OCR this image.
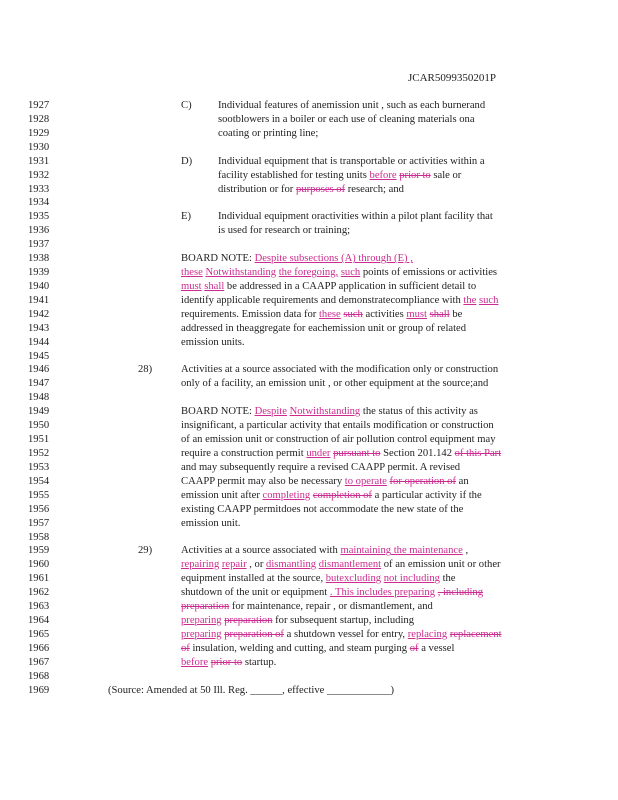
JCAR5099350201P
1927	C) Individual features of anemission unit , such as each burnerand
1928	sootblowers in a boiler or each use of cleaning materials ona
1929	coating or printing line;
1930
1931	D) Individual equipment that is transportable or activities within a
1932	facility established for testing units before prior to sale or
1933	distribution or for purposes of research; and
1934
1935	E)	Individual equipment oractivities within a pilot plant facility that
1936	is used for research or training;
1937
1938	BOARD NOTE: Despite subsections (A) through (E) ,
1939	these Notwithstanding the foregoing, such points of emissions or activities
1940	must shall be addressed in a CAAPP application in sufficient detail to
1941	identify applicable requirements and demonstratecompliance with the such
1942	requirements. Emission data for these such activities must shall be
1943	addressed in theaggregate for eachemission unit or group of related
1944	emission units.
1945
1946	28)	Activities at a source associated with the modification only or construction
1947	only of a facility, an emission unit , or other equipment at the source;and
1948
1949	BOARD NOTE: Despite Notwithstanding the status of this activity as
1950	insignificant, a particular activity that entails modification or construction
1951	of an emission unit or construction of air pollution control equipment may
1952	require a construction permit under pursuant to Section 201.142 of this Part
1953	and may subsequently require a revised CAAPP permit. A revised
1954	CAAPP permit may also be necessary to operate for operation of an
1955	emission unit after completing completion of a particular activity if the
1956	existing CAAPP permitdoes not accommodate the new state of the
1957	emission unit.
1958
1959	29)	Activities at a source associated with maintaining the maintenance ,
1960	repairing repair , or dismantling dismantlement of an emission unit or other
1961	equipment installed at the source, butexcluding not including the
1962	shutdown of the unit or equipment . This includes preparing , including
1963	preparation for maintenance, repair , or dismantlement, and
1964	preparing preparation for subsequent startup, including
1965	preparing preparation of a shutdown vessel for entry, replacing replacement
1966	of insulation, welding and cutting, and steam purging of a vessel
1967	before prior to startup.
1968
1969	(Source: Amended at 50 Ill. Reg. ______, effective ____________)
